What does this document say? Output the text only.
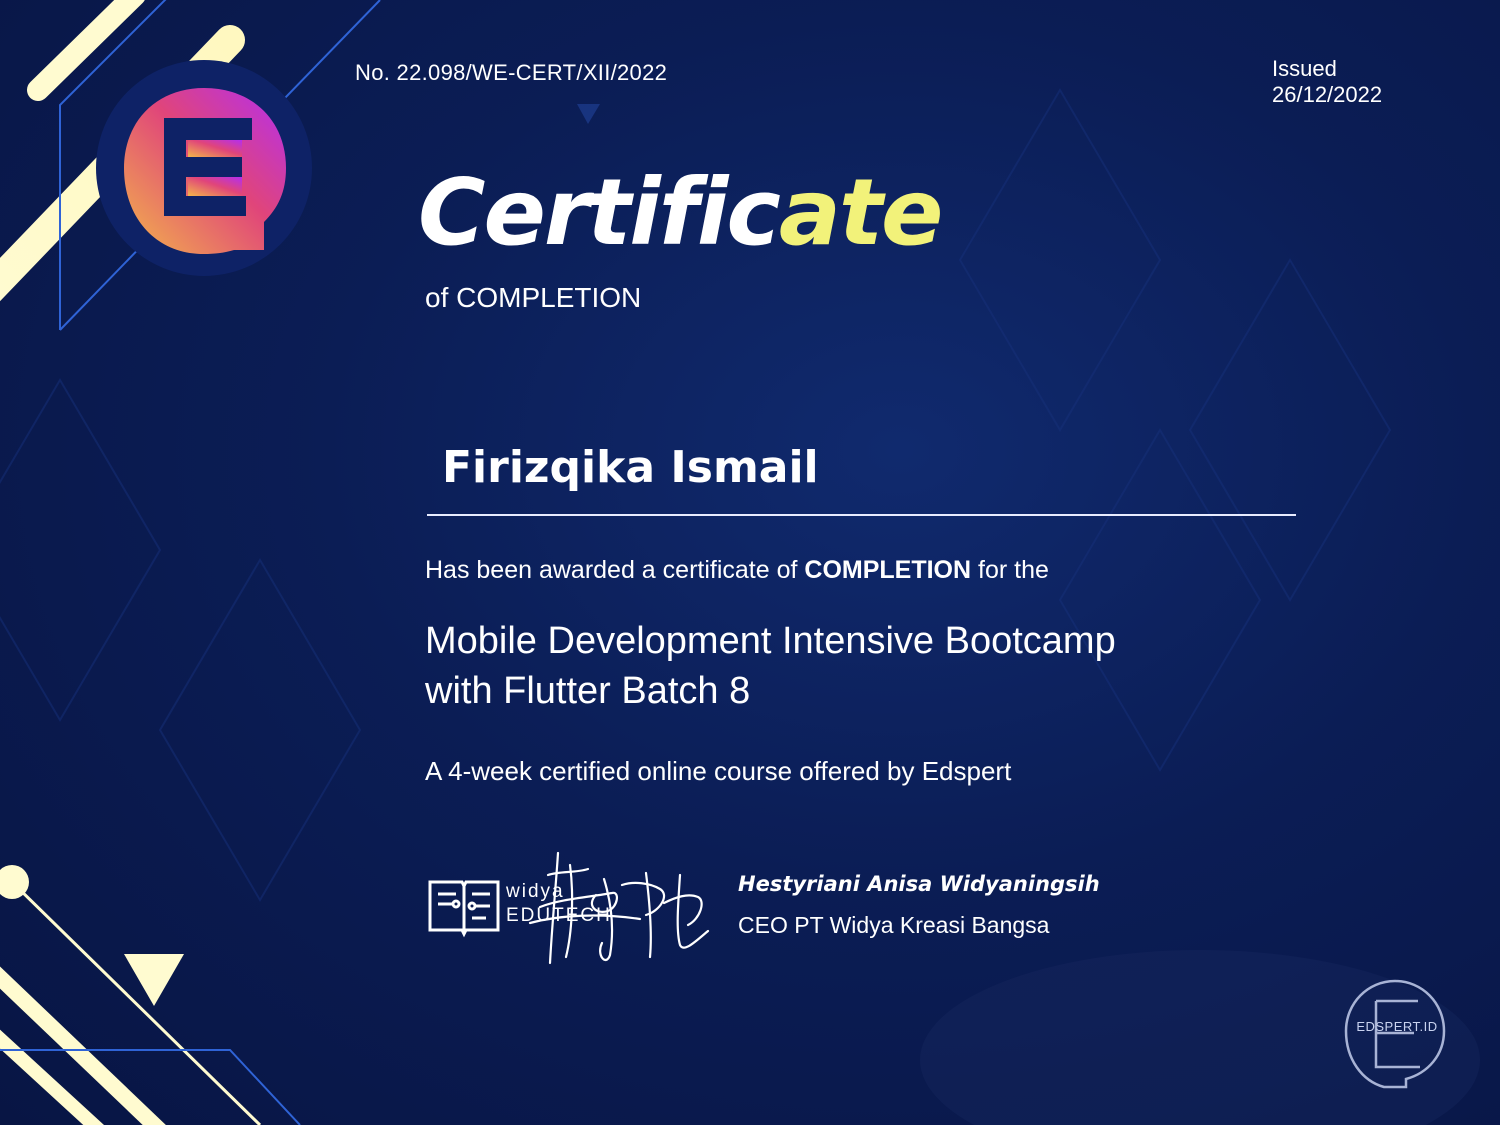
No. 22.098/WE-CERT/XII/2022	Issued
26/12/2022
Certificate
of COMPLETION
Firizqika Ismail
Has been awarded a certificate of COMPLETION for the
Mobile Development Intensive Bootcamp
with Flutter Batch 8
A 4-week certified online course offered by Edspert
widya
EDUTECH
Hestyriani Anisa Widyaningsih
CEO PT Widya Kreasi Bangsa
EDSPERT.ID
